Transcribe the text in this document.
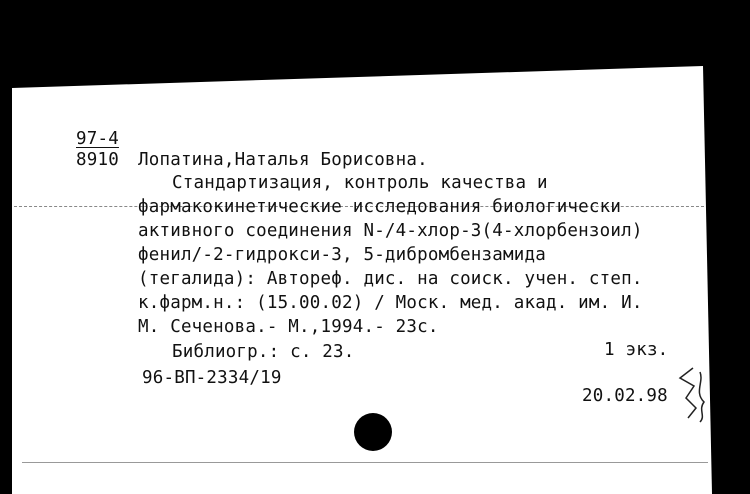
97-4
8910 Лопатина,Наталья Борисовна.
Стандартизация, контроль качества и
фармакокинетические исследования биологически
активного соединения N-/4-хлор-3(4-хлорбензоил)
фенил/-2-гидрокси-3, 5-дибромбензамида
(тегалида): Автореф. дис. на соиск. учен. степ.
к.фарм.н.: (15.00.02) / Моск. мед. акад. им. И.
М. Сеченова.- М.,1994.- 23с.
Библиогр.: с. 23.	1 экз.
96-ВП-2334/19
20.02.98
